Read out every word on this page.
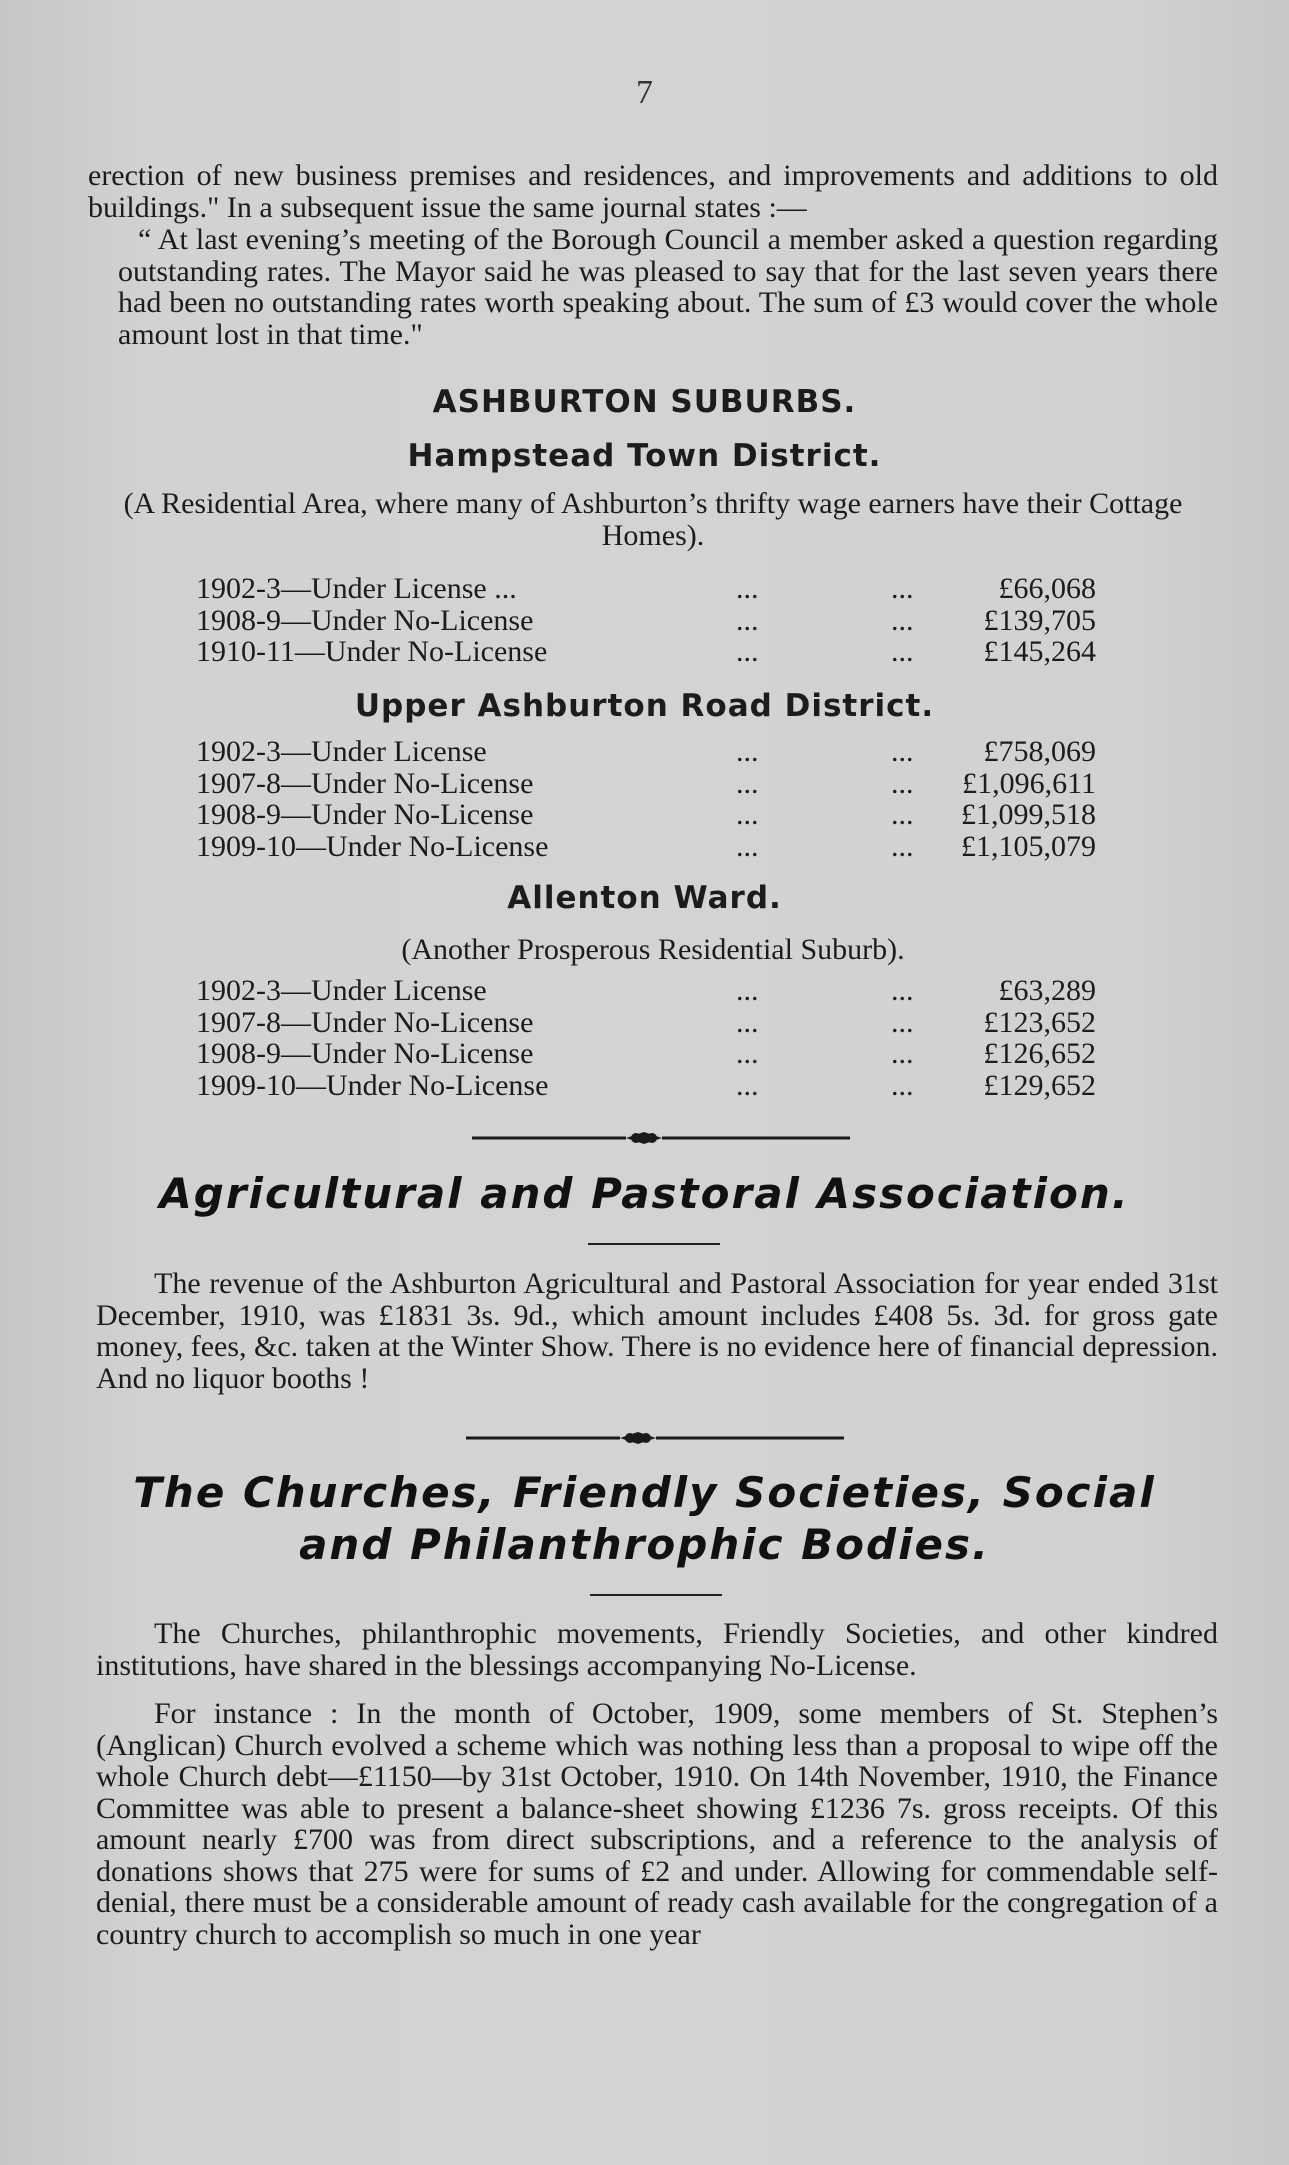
7

erection of new business premises and residences, and improvements and additions to old buildings." In a subsequent issue the same journal states :—

“ At last evening’s meeting of the Borough Council a member asked a question regarding outstanding rates. The Mayor said he was pleased to say that for the last seven years there had been no outstanding rates worth speaking about. The sum of £3 would cover the whole amount lost in that time."

ASHBURTON SUBURBS.
Hampstead Town District.

(A Residential Area, where many of Ashburton’s thrifty wage earners have their Cottage Homes).

1902-3—Under License ...	...	...	£66,068
1908-9—Under No-License	...	... £139,705
1910-11—Under No-License	...	... £145,264
Upper Ashburton Road District.
1902-3—Under License	...	... £758,069
1907-8—Under No-License	...	... £1,096,611
1908-9—Under No-License	...	... £1,099,518
1909-10—Under No-License	...	... £1,105,079
Allenton Ward.

(Another Prosperous Residential Suburb).

1902-3—Under License	...	...	£63,289
1907-8—Under No-License	...	... £123,652
1908-9—Under No-License	...	... £126,652
1909-10—Under No-License	...	... £129,652
Agricultural and Pastoral Association.

The revenue of the Ashburton Agricultural and Pastoral Association for year ended 31st December, 1910, was £1831 3s. 9d., which amount includes £408 5s. 3d. for gross gate money, fees, &c. taken at the Winter Show. There is no evidence here of financial depression. And no liquor booths !

The Churches, Friendly Societies, Social
and Philanthrophic Bodies.

The Churches, philanthrophic movements, Friendly Societies, and other kindred institutions, have shared in the blessings accompanying No-License.

For instance : In the month of October, 1909, some members of St. Stephen’s (Anglican) Church evolved a scheme which was nothing less than a proposal to wipe off the whole Church debt—£1150—by 31st October, 1910. On 14th November, 1910, the Finance Committee was able to present a balance-sheet showing £1236 7s. gross receipts. Of this amount nearly £700 was from direct subscriptions, and a reference to the analysis of donations shows that 275 were for sums of £2 and under. Allowing for commendable self-denial, there must be a considerable amount of ready cash available for the congregation of a country church to accomplish so much in one year
